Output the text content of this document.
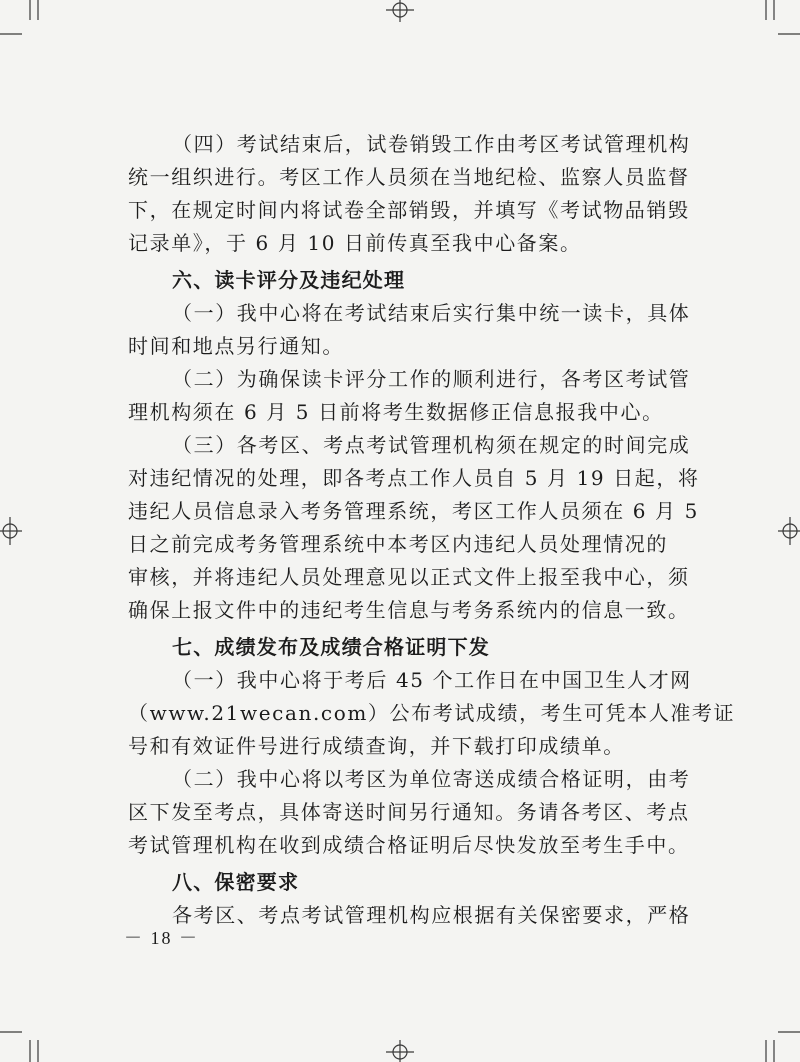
（四）考试结束后，试卷销毁工作由考区考试管理机构
统一组织进行。考区工作人员须在当地纪检、监察人员监督
下，在规定时间内将试卷全部销毁，并填写《考试物品销毁
记录单》，于 6 月 10 日前传真至我中心备案。
六、读卡评分及违纪处理
（一）我中心将在考试结束后实行集中统一读卡，具体
时间和地点另行通知。
（二）为确保读卡评分工作的顺利进行，各考区考试管
理机构须在 6 月 5 日前将考生数据修正信息报我中心。
（三）各考区、考点考试管理机构须在规定的时间完成
对违纪情况的处理，即各考点工作人员自 5 月 19 日起，将
违纪人员信息录入考务管理系统，考区工作人员须在 6 月 5
日之前完成考务管理系统中本考区内违纪人员处理情况的
审核，并将违纪人员处理意见以正式文件上报至我中心，须
确保上报文件中的违纪考生信息与考务系统内的信息一致。
七、成绩发布及成绩合格证明下发
（一）我中心将于考后 45 个工作日在中国卫生人才网
（www.21wecan.com）公布考试成绩，考生可凭本人准考证
号和有效证件号进行成绩查询，并下载打印成绩单。
（二）我中心将以考区为单位寄送成绩合格证明，由考
区下发至考点，具体寄送时间另行通知。务请各考区、考点
考试管理机构在收到成绩合格证明后尽快发放至考生手中。
八、保密要求
各考区、考点考试管理机构应根据有关保密要求，严格
－ 18 －
